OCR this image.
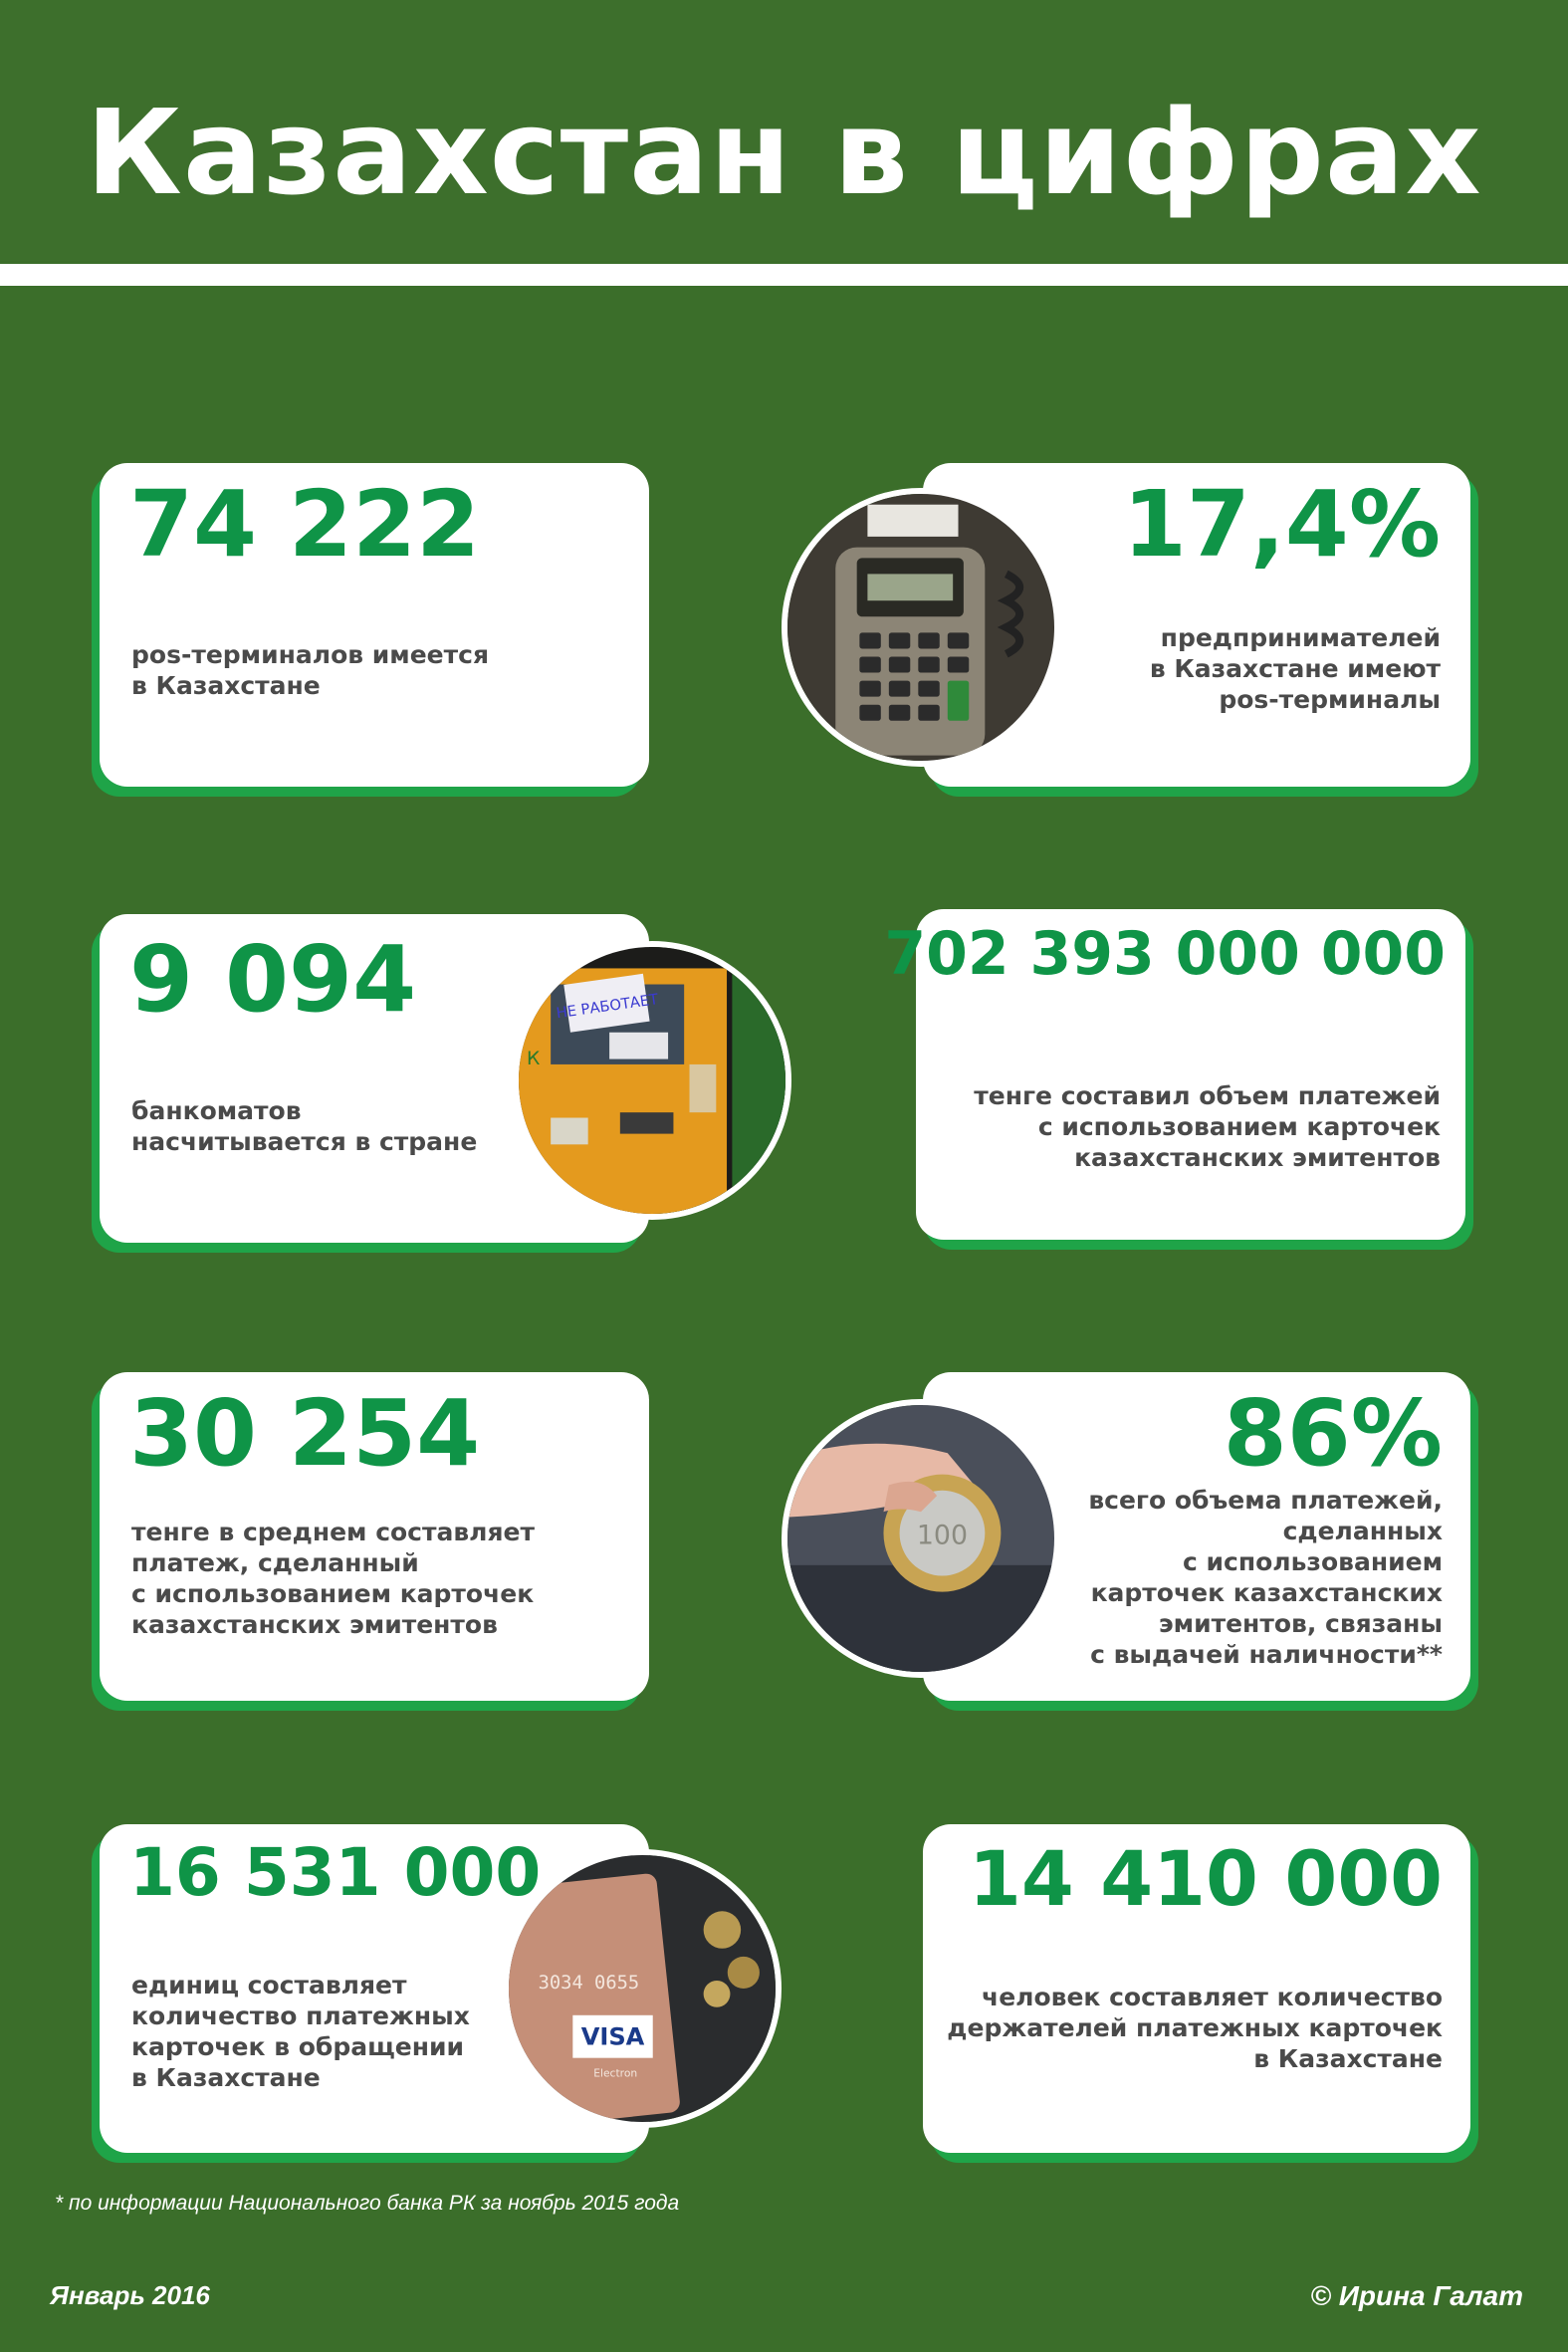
Казахстан в цифрах
74 222
pos-терминалов имеется
в Казахстане
17,4%
предпринимателей
в Казахстане имеют
pos-терминалы
9 094
банкоматов
насчитывается в стране
НЕ РАБОТАЕТ
К
702 393 000 000
тенге составил объем платежей
с использованием карточек
казахстанских эмитентов
30 254
тенге в среднем составляет
платеж, сделанный
с использованием карточек
казахстанских эмитентов
86%
всего объема платежей,
сделанных
с использованием
карточек казахстанских
эмитентов, связаны
с выдачей наличности**
100
16 531 000
единиц составляет
количество платежных
карточек в обращении
в Казахстане
3034 0655
VISA
Electron
14 410 000
человек составляет количество
держателей платежных карточек
в Казахстане
* по информации Национального банка РК за ноябрь 2015 года
Январь 2016	© Ирина Галат
